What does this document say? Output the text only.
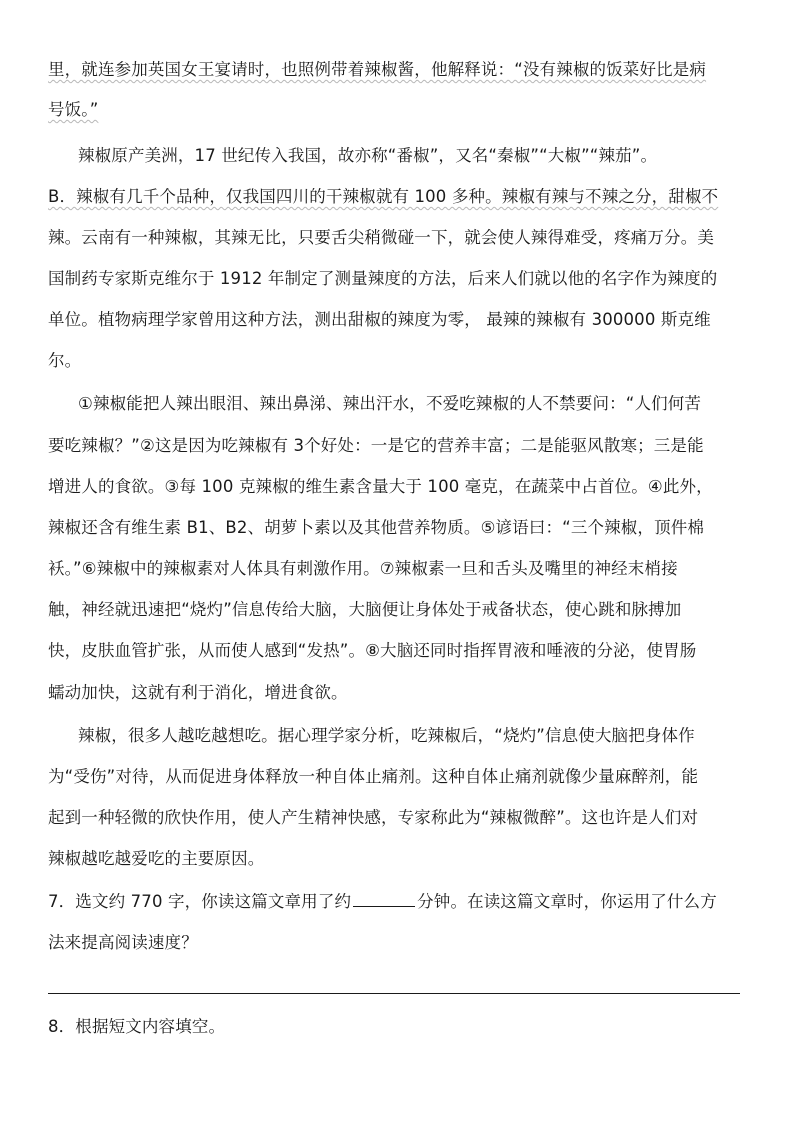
里，就连参加英国女王宴请时，也照例带着辣椒酱，他解释说：“没有辣椒的饭菜好比是病
号饭。”
辣椒原产美洲，17 世纪传入我国，故亦称“番椒”，又名“秦椒”“大椒”“辣茄”。
B．辣椒有几千个品种，仅我国四川的干辣椒就有 100 多种。辣椒有辣与不辣之分，甜椒不
辣。云南有一种辣椒，其辣无比，只要舌尖稍微碰一下，就会使人辣得难受，疼痛万分。美
国制药专家斯克维尔于 1912 年制定了测量辣度的方法，后来人们就以他的名字作为辣度的
单位。植物病理学家曾用这种方法，测出甜椒的辣度为零， 最辣的辣椒有 300000 斯克维
尔。
①辣椒能把人辣出眼泪、辣出鼻涕、辣出汗水，不爱吃辣椒的人不禁要问：“人们何苦
要吃辣椒？”②这是因为吃辣椒有 3个好处：一是它的营养丰富；二是能驱风散寒；三是能
增进人的食欲。③每 100 克辣椒的维生素含量大于 100 毫克，在蔬菜中占首位。④此外，
辣椒还含有维生素 B1、B2、胡萝卜素以及其他营养物质。⑤谚语曰：“三个辣椒，顶件棉
袄。”⑥辣椒中的辣椒素对人体具有刺激作用。⑦辣椒素一旦和舌头及嘴里的神经末梢接
触，神经就迅速把“烧灼”信息传给大脑，大脑便让身体处于戒备状态，使心跳和脉搏加
快，皮肤血管扩张，从而使人感到“发热”。⑧大脑还同时指挥胃液和唾液的分泌，使胃肠
蠕动加快，这就有利于消化，增进食欲。
辣椒，很多人越吃越想吃。据心理学家分析，吃辣椒后，“烧灼”信息使大脑把身体作
为“受伤”对待，从而促进身体释放一种自体止痛剂。这种自体止痛剂就像少量麻醉剂，能
起到一种轻微的欣快作用，使人产生精神快感，专家称此为“辣椒微醉”。这也许是人们对
辣椒越吃越爱吃的主要原因。
7．选文约 770 字，你读这篇文章用了约	分钟。在读这篇文章时，你运用了什么方
法来提高阅读速度？
8．根据短文内容填空。
